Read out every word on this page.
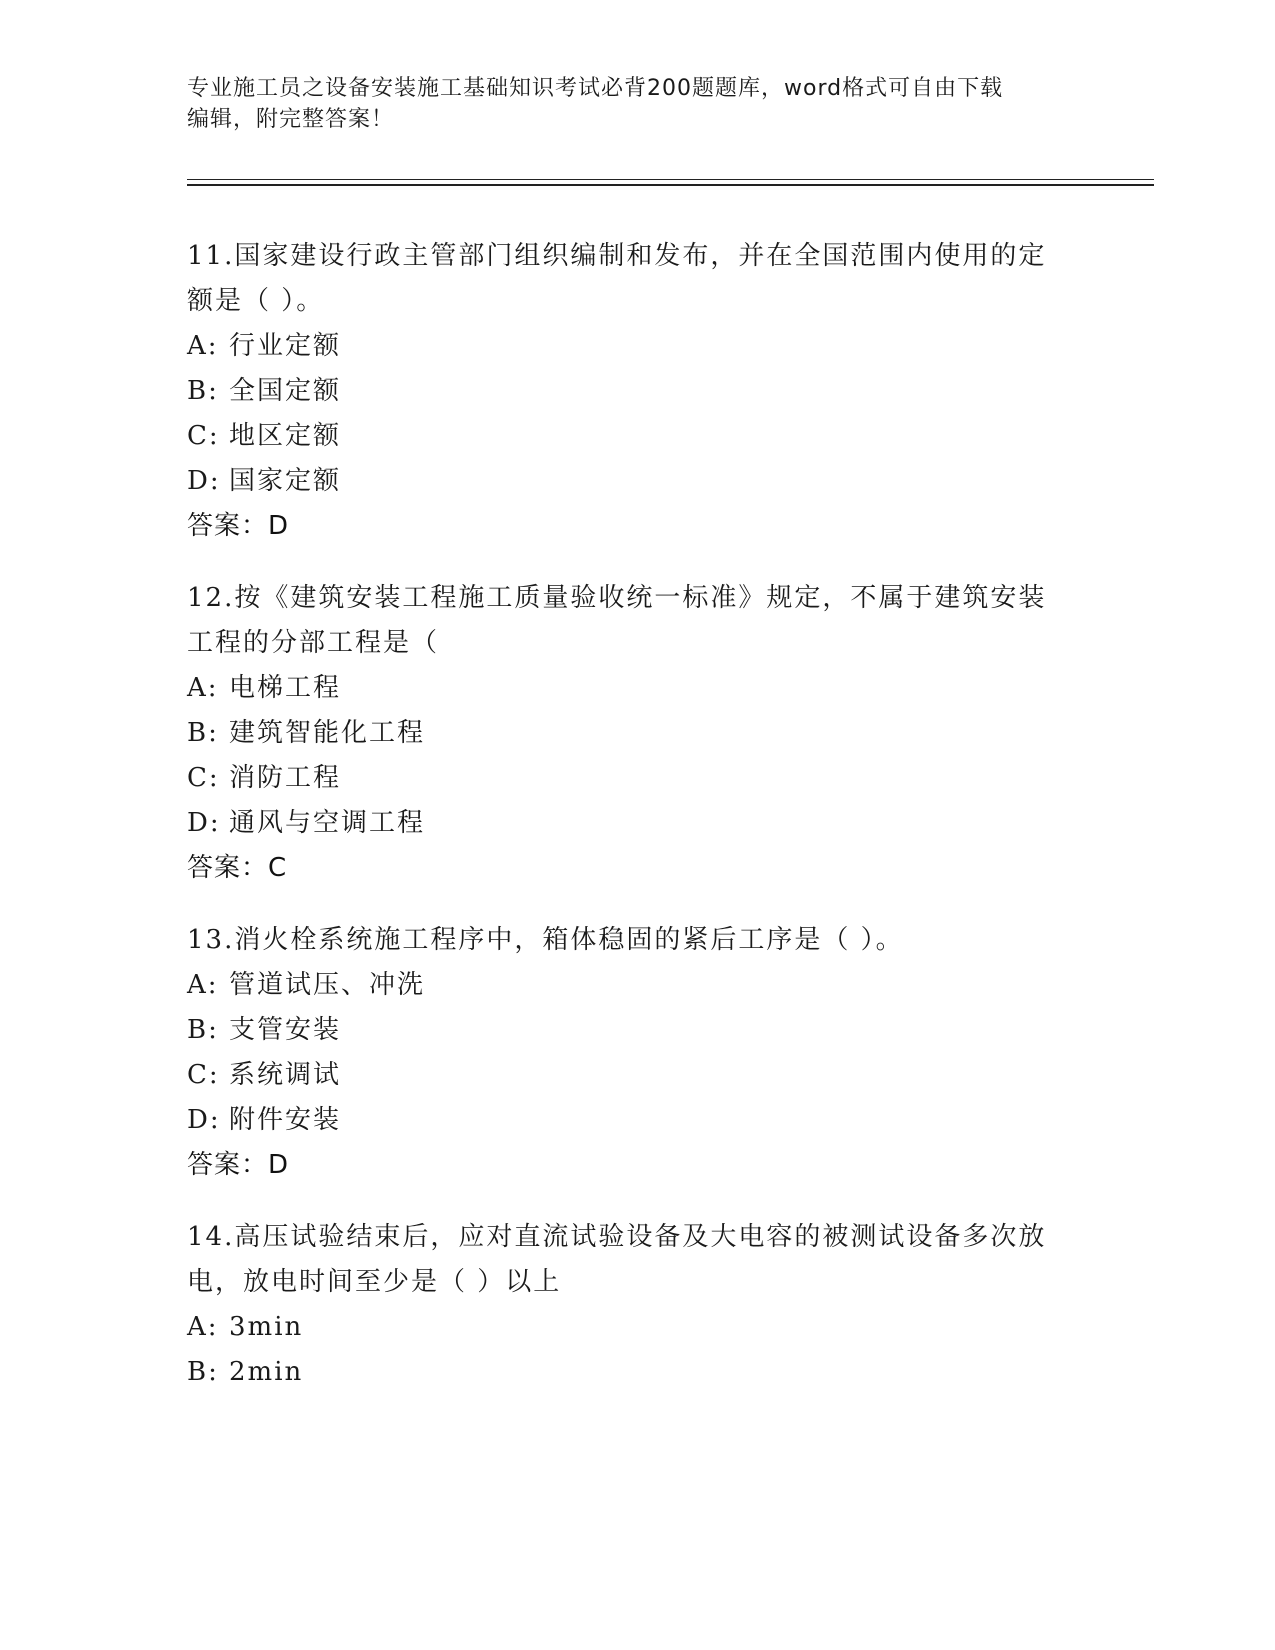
专业施工员之设备安装施工基础知识考试必背200题题库，word格式可自由下载
编辑，附完整答案！
11.国家建设行政主管部门组织编制和发布，并在全国范围内使用的定
额是（ ）。
A: 行业定额
B: 全国定额
C: 地区定额
D: 国家定额
答案：D
12.按《建筑安装工程施工质量验收统一标准》规定，不属于建筑安装
工程的分部工程是（
A: 电梯工程
B: 建筑智能化工程
C: 消防工程
D: 通风与空调工程
答案：C
13.消火栓系统施工程序中，箱体稳固的紧后工序是（ ）。
A: 管道试压、冲洗
B: 支管安装
C: 系统调试
D: 附件安装
答案：D
14.高压试验结束后，应对直流试验设备及大电容的被测试设备多次放
电，放电时间至少是（ ）以上
A: 3min
B: 2min
